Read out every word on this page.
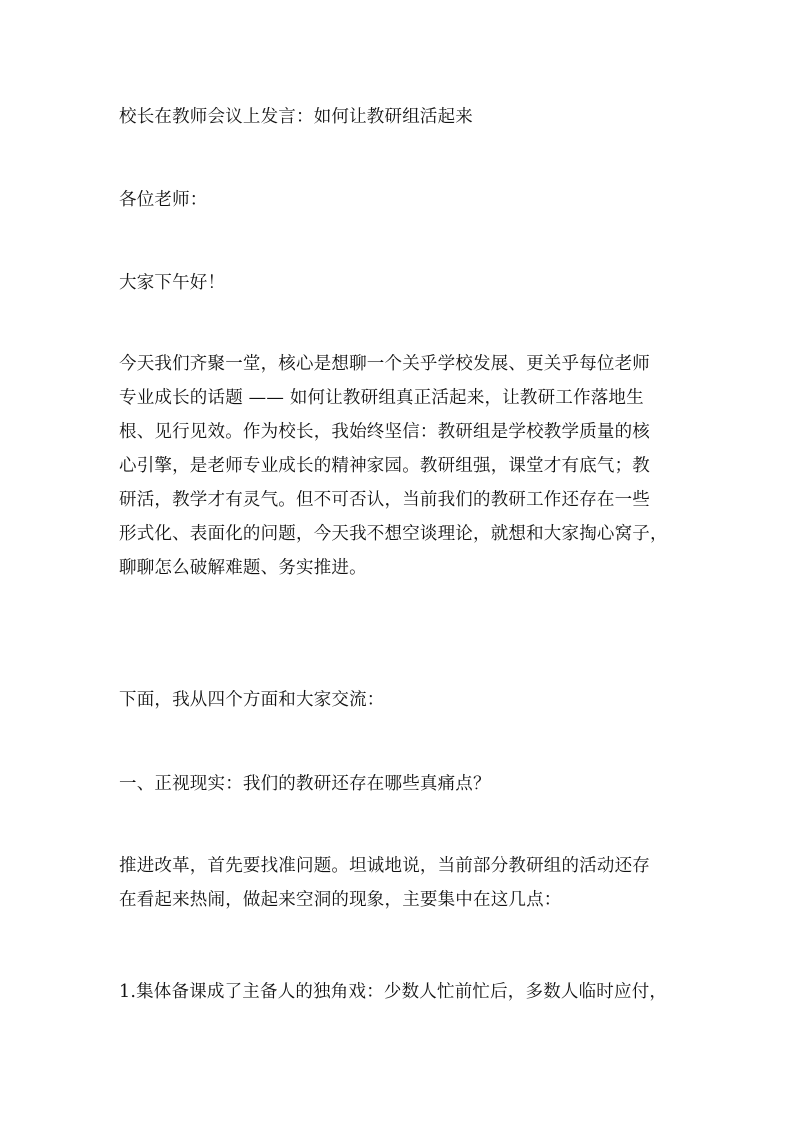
校长在教师会议上发言：如何让教研组活起来

各位老师：

大家下午好！

今天我们齐聚一堂，核心是想聊一个关乎学校发展、更关乎每位老师
专业成长的话题 —— 如何让教研组真正活起来，让教研工作落地生
根、见行见效。作为校长，我始终坚信：教研组是学校教学质量的核
心引擎，是老师专业成长的精神家园。教研组强，课堂才有底气；教
研活，教学才有灵气。但不可否认，当前我们的教研工作还存在一些
形式化、表面化的问题，今天我不想空谈理论，就想和大家掏心窝子，
聊聊怎么破解难题、务实推进。

下面，我从四个方面和大家交流：

一、正视现实：我们的教研还存在哪些真痛点？

推进改革，首先要找准问题。坦诚地说，当前部分教研组的活动还存
在看起来热闹，做起来空洞的现象，主要集中在这几点：

1.集体备课成了主备人的独角戏：少数人忙前忙后，多数人临时应付，
